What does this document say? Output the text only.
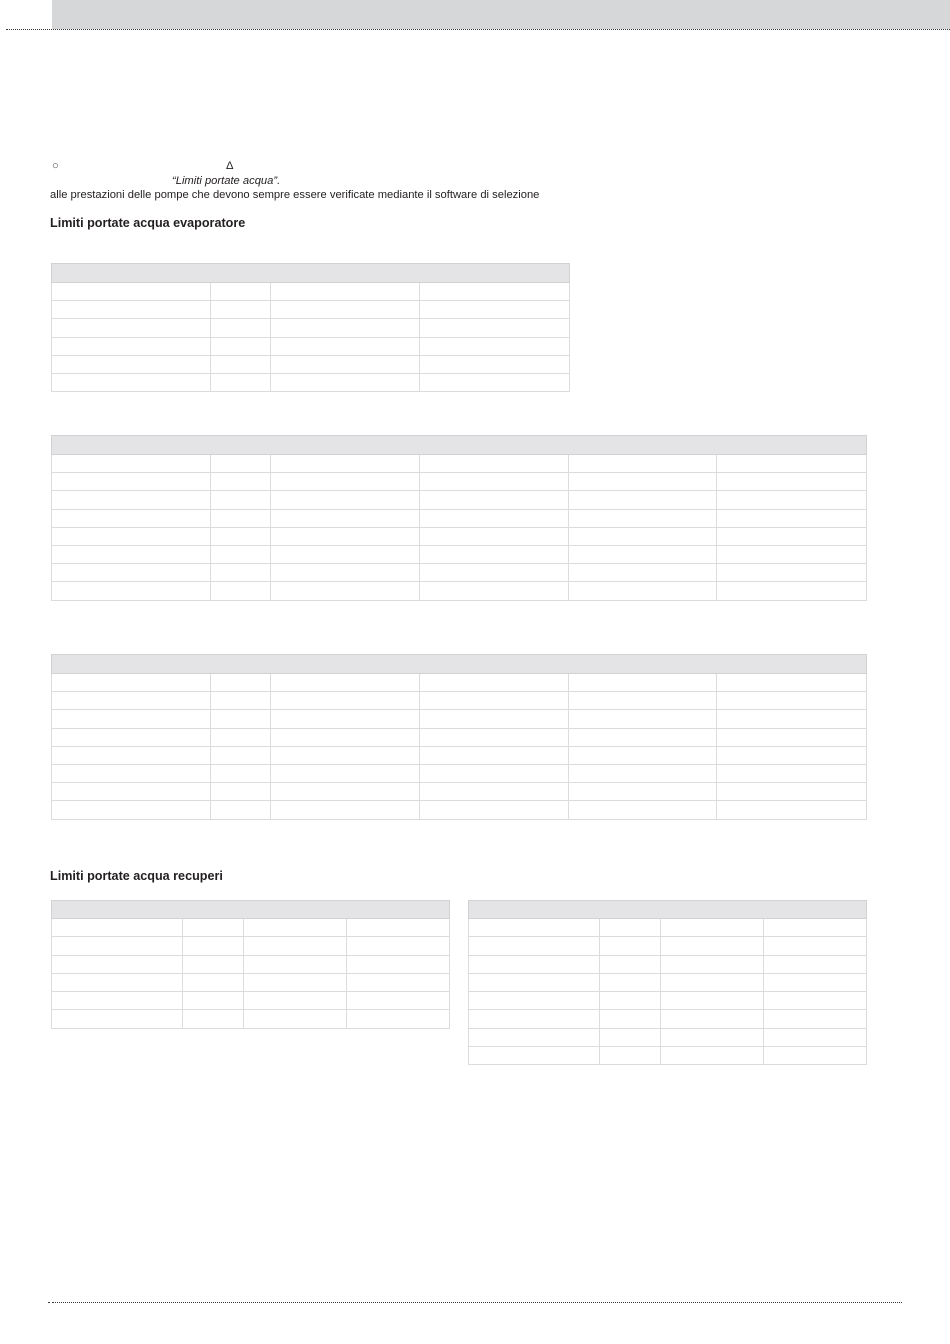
○	Δ
“Limiti portate acqua”.
alle prestazioni delle pompe che devono sempre essere verificate mediante il software di selezione
Limiti portate acqua evaporatore

Limiti portate acqua recuperi
